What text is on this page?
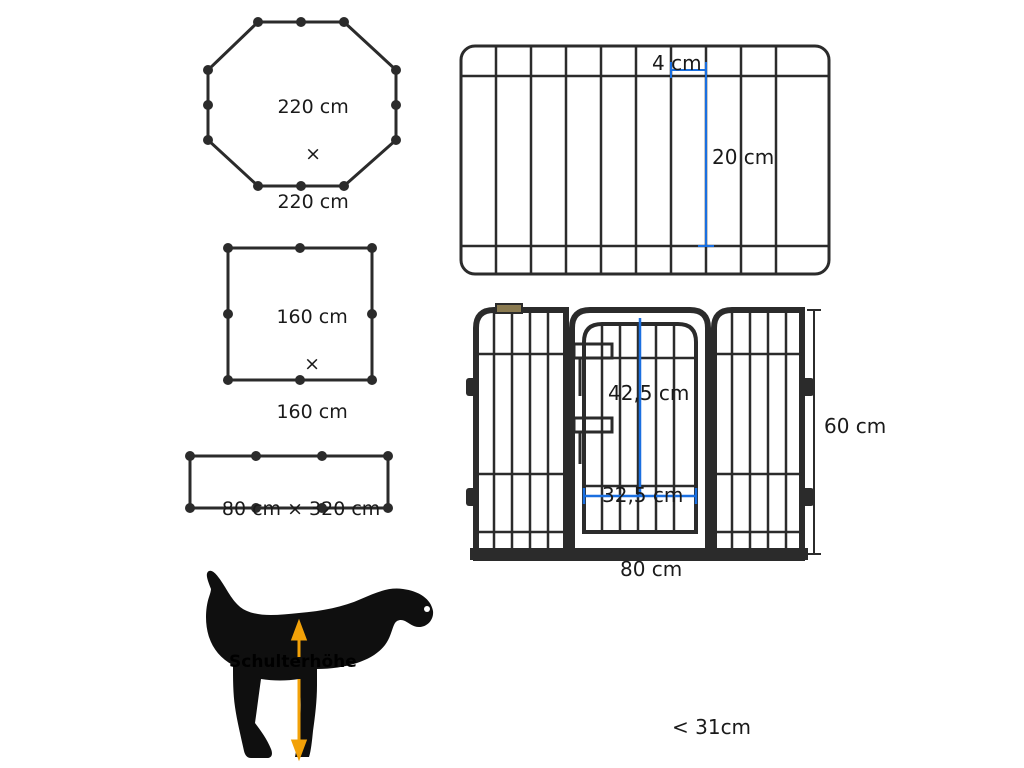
220 cm

×

220 cm

160 cm

×

160 cm

80 cm × 320 cm

4 cm
20 cm
42,5 cm
32,5 cm
60 cm
80 cm
Schulterhöhe
< 31cm
